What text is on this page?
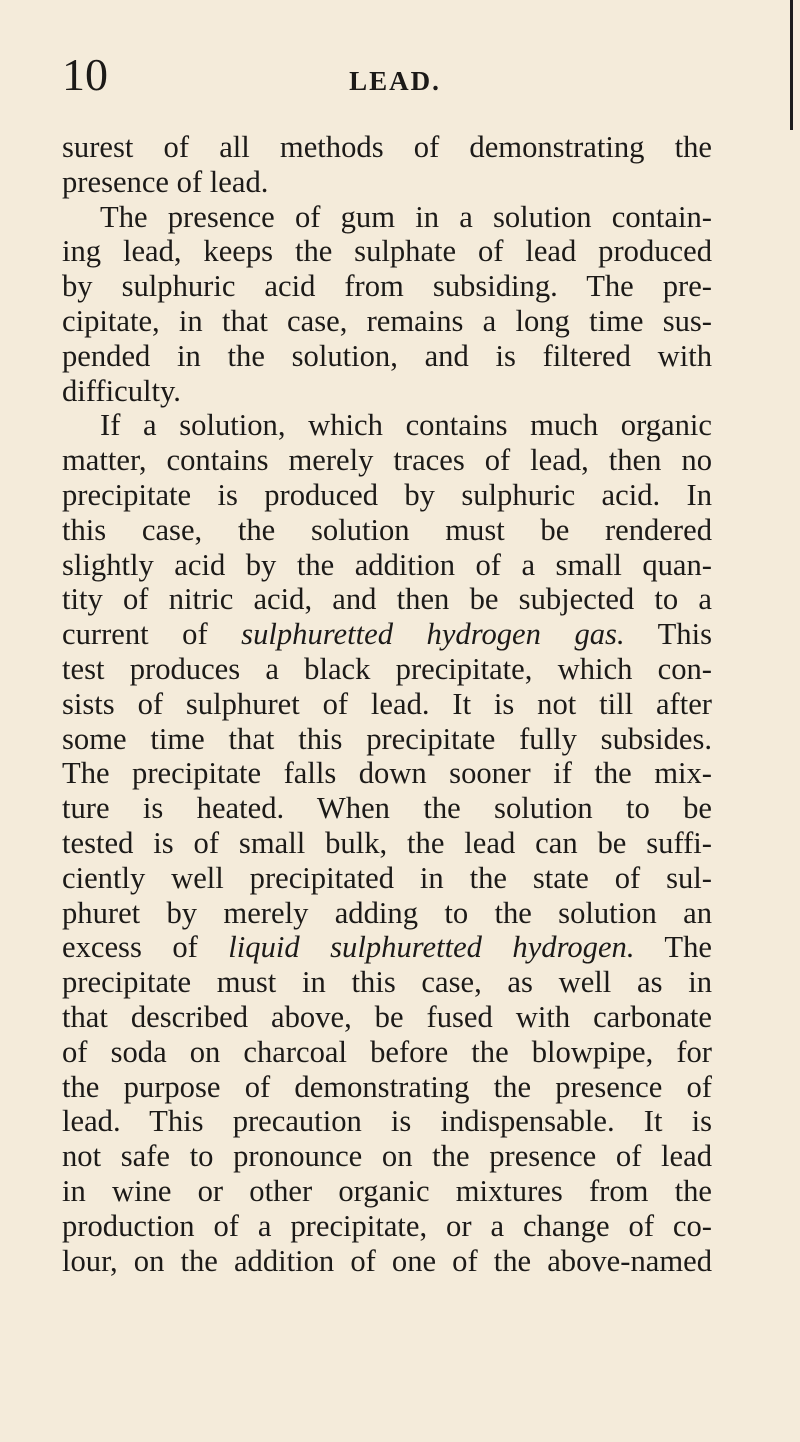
10	LEAD.
surest of all methods of demonstrating the
presence of lead.
The presence of gum in a solution contain-
ing lead, keeps the sulphate of lead produced
by sulphuric acid from subsiding. The pre-
cipitate, in that case, remains a long time sus-
pended in the solution, and is filtered with
difficulty.
If a solution, which contains much organic
matter, contains merely traces of lead, then no
precipitate is produced by sulphuric acid. In
this case, the solution must be rendered
slightly acid by the addition of a small quan-
tity of nitric acid, and then be subjected to a
current of sulphuretted hydrogen gas. This
test produces a black precipitate, which con-
sists of sulphuret of lead. It is not till after
some time that this precipitate fully subsides.
The precipitate falls down sooner if the mix-
ture is heated. When the solution to be
tested is of small bulk, the lead can be suffi-
ciently well precipitated in the state of sul-
phuret by merely adding to the solution an
excess of liquid sulphuretted hydrogen. The
precipitate must in this case, as well as in
that described above, be fused with carbonate
of soda on charcoal before the blowpipe, for
the purpose of demonstrating the presence of
lead. This precaution is indispensable. It is
not safe to pronounce on the presence of lead
in wine or other organic mixtures from the
production of a precipitate, or a change of co-
lour, on the addition of one of the above-named
